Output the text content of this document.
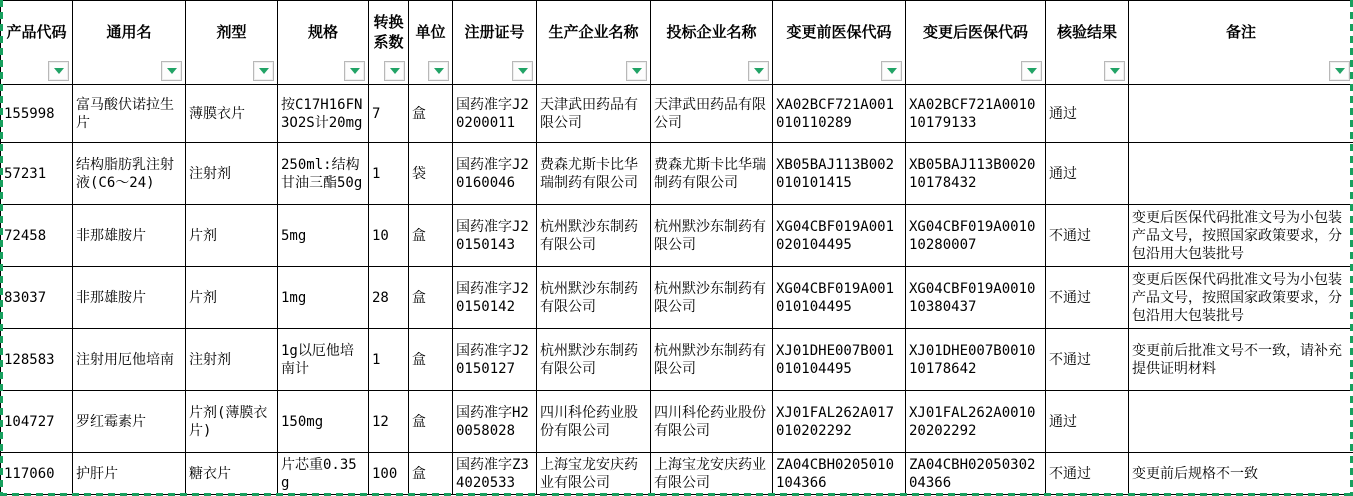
产品代码	通用名	剂型	规格	转换系数	单位	注册证号	生产企业名称	投标企业名称	变更前医保代码	变更后医保代码	核验结果	备注

155998	富马酸伏诺拉生片	薄膜衣片	按C17H16FN3O2S计20mg	7	盒	国药准字J20200011	天津武田药品有限公司	天津武田药品有限公司	XA02BCF721A001010110289	XA02BCF721A001010179133	通过	
57231	结构脂肪乳注射液(C6～24)	注射剂	250ml:结构甘油三酯50g	1	袋	国药准字J20160046	费森尤斯卡比华瑞制药有限公司	费森尤斯卡比华瑞制药有限公司	XB05BAJ113B002010101415	XB05BAJ113B002010178432	通过	
72458	非那雄胺片	片剂	5mg	10	盒	国药准字J20150143	杭州默沙东制药有限公司	杭州默沙东制药有限公司	XG04CBF019A001020104495	XG04CBF019A001010280007	不通过	变更后医保代码批准文号为小包装产品文号，按照国家政策要求，分包沿用大包装批号
83037	非那雄胺片	片剂	1mg	28	盒	国药准字J20150142	杭州默沙东制药有限公司	杭州默沙东制药有限公司	XG04CBF019A001010104495	XG04CBF019A001010380437	不通过	变更后医保代码批准文号为小包装产品文号，按照国家政策要求，分包沿用大包装批号
128583	注射用厄他培南	注射剂	1g以厄他培南计	1	盒	国药准字J20150127	杭州默沙东制药有限公司	杭州默沙东制药有限公司	XJ01DHE007B001010104495	XJ01DHE007B001010178642	不通过	变更前后批准文号不一致，请补充提供证明材料
104727	罗红霉素片	片剂(薄膜衣片)	150mg	12	盒	国药准字H20058028	四川科伦药业股份有限公司	四川科伦药业股份有限公司	XJ01FAL262A017010202292	XJ01FAL262A001020202292	通过	
117060	护肝片	糖衣片	片芯重0.35g	100	盒	国药准字Z34020533	上海宝龙安庆药业有限公司	上海宝龙安庆药业有限公司	ZA04CBH0205010104366	ZA04CBH0205030204366	不通过	变更前后规格不一致
